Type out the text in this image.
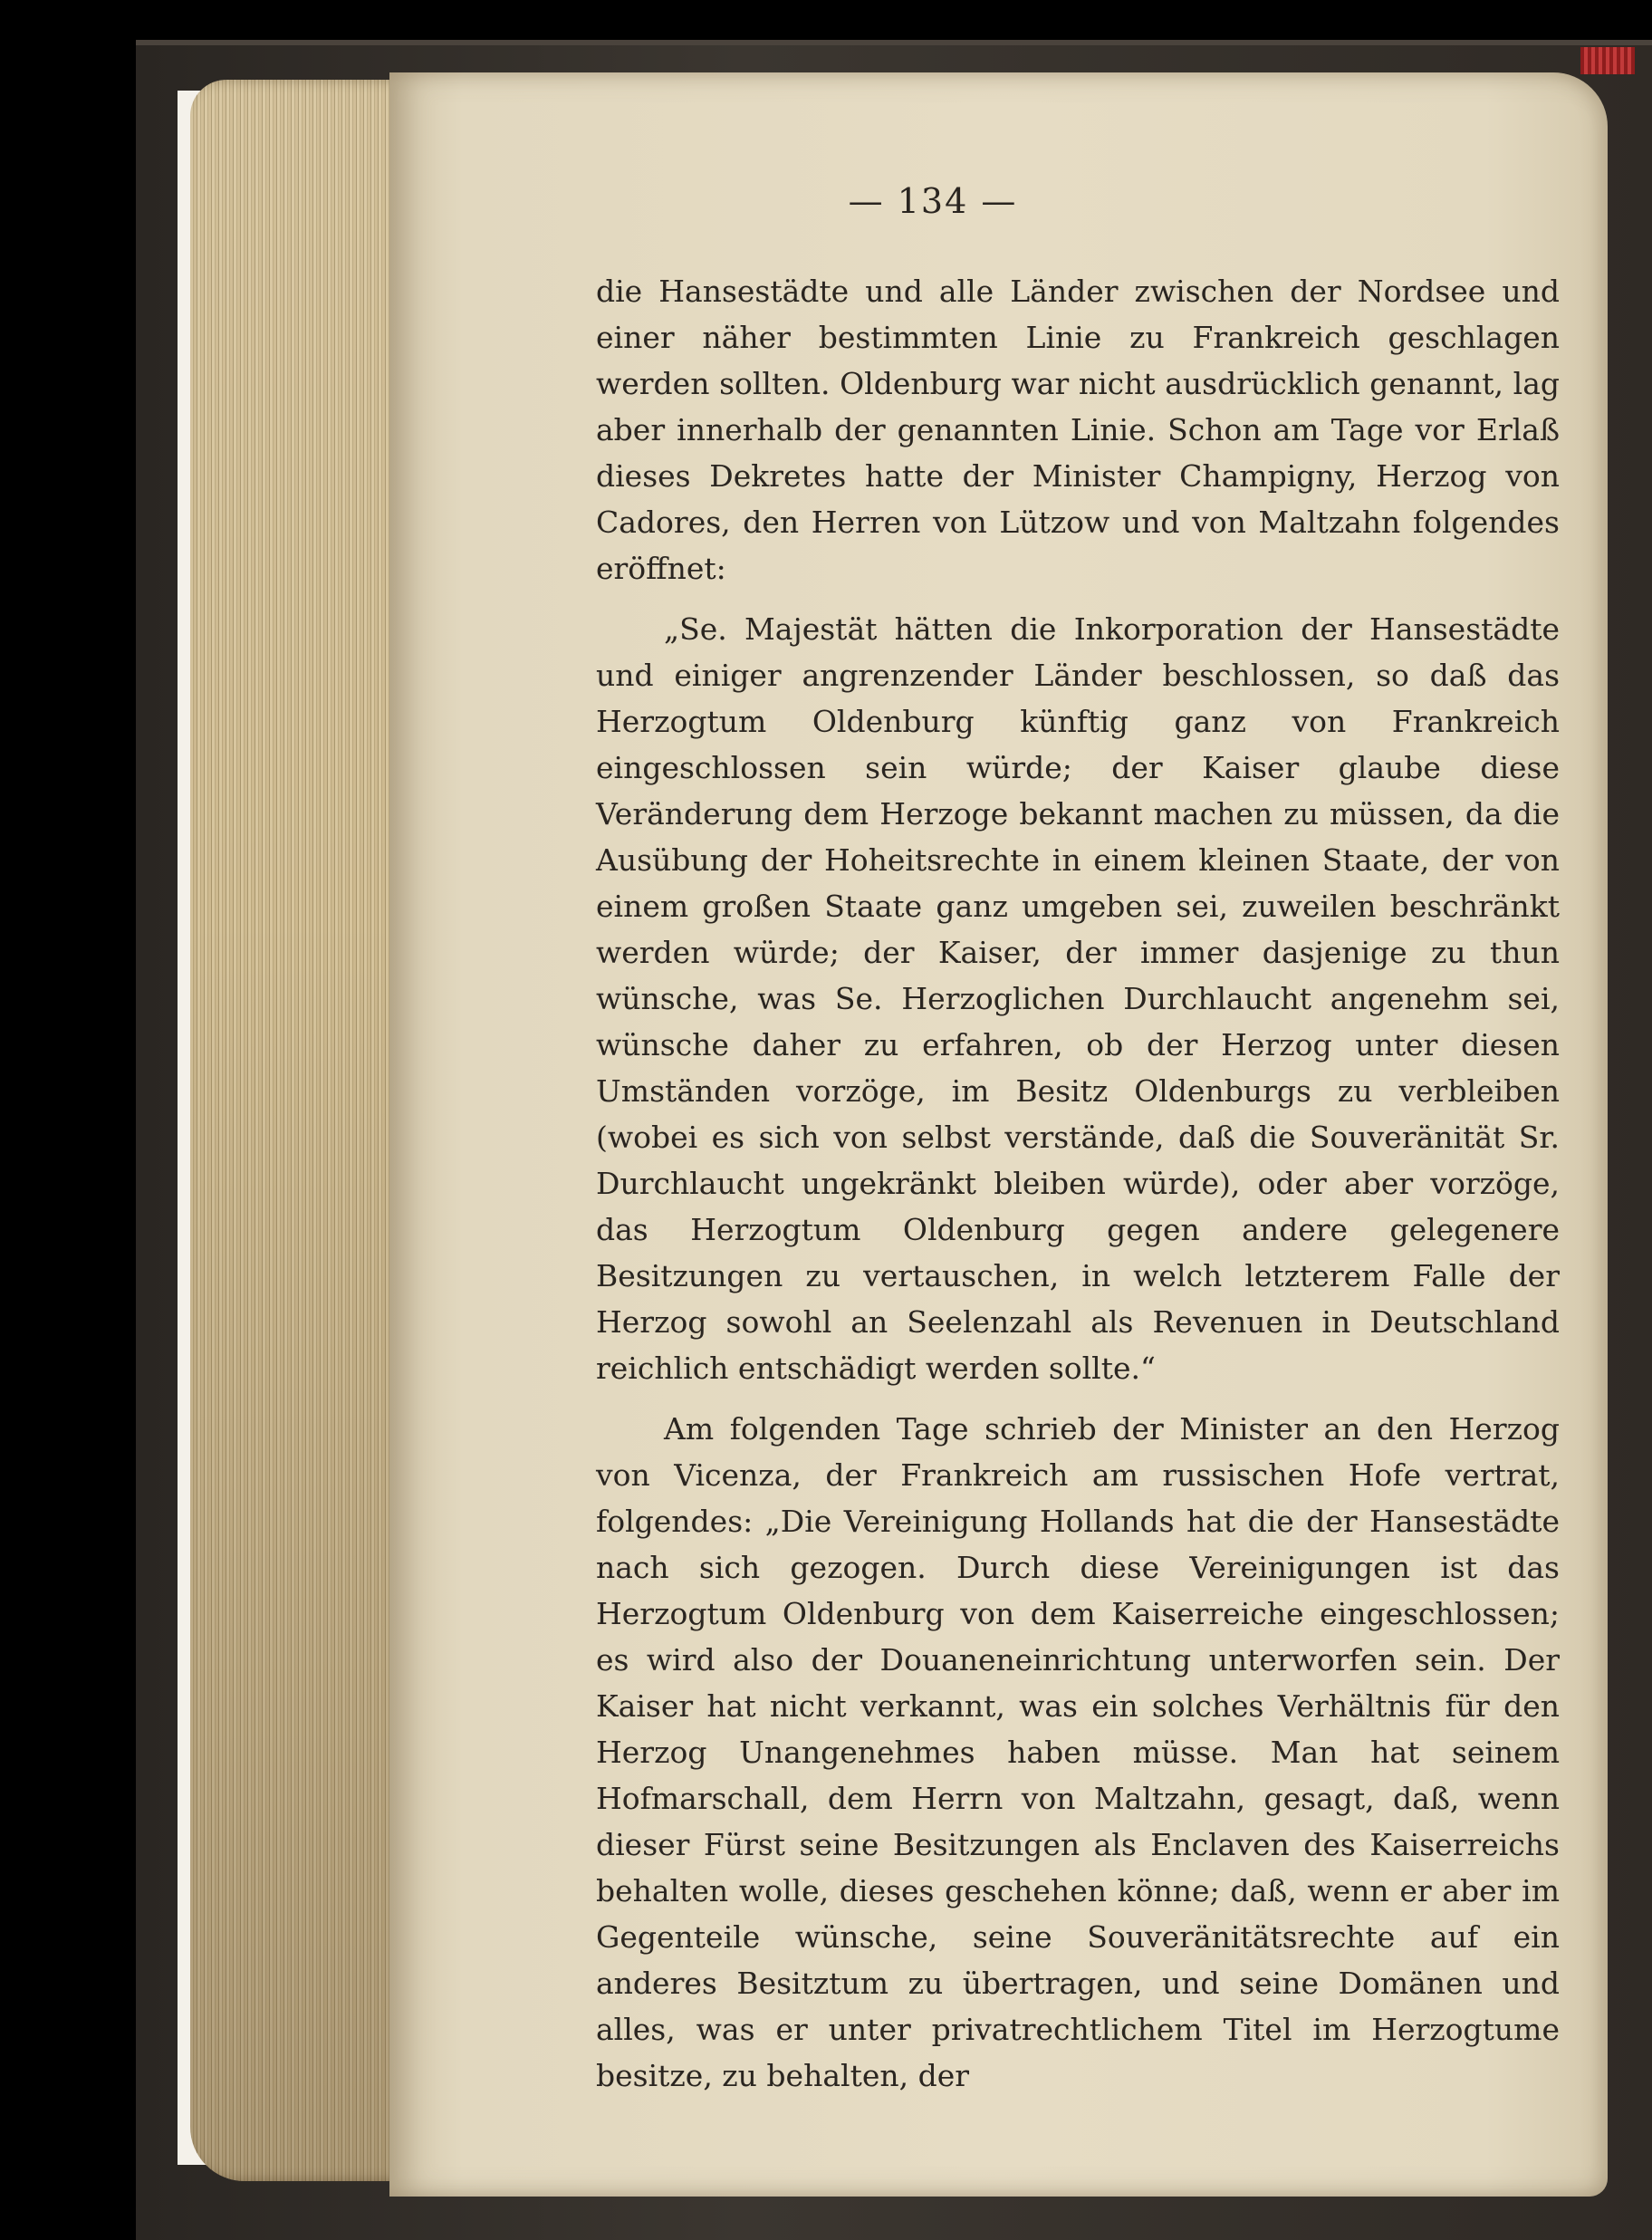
— 134 —

die Hansestädte und alle Länder zwischen der Nordsee und einer näher bestimmten Linie zu Frankreich geschlagen werden sollten. Oldenburg war nicht ausdrücklich genannt, lag aber innerhalb der genannten Linie. Schon am Tage vor Erlaß dieses Dekretes hatte der Minister Champigny, Herzog von Cadores, den Herren von Lützow und von Maltzahn folgendes eröffnet:

„Se. Majestät hätten die Inkorporation der Hansestädte und einiger angrenzender Länder beschlossen, so daß das Herzogtum Oldenburg künftig ganz von Frankreich eingeschlossen sein würde; der Kaiser glaube diese Veränderung dem Herzoge bekannt machen zu müssen, da die Ausübung der Hoheitsrechte in einem kleinen Staate, der von einem großen Staate ganz umgeben sei, zuweilen beschränkt werden würde; der Kaiser, der immer dasjenige zu thun wünsche, was Se. Herzoglichen Durchlaucht angenehm sei, wünsche daher zu erfahren, ob der Herzog unter diesen Umständen vorzöge, im Besitz Oldenburgs zu verbleiben (wobei es sich von selbst verstände, daß die Souveränität Sr. Durchlaucht ungekränkt bleiben würde), oder aber vorzöge, das Herzogtum Oldenburg gegen andere gelegenere Besitzungen zu vertauschen, in welch letzterem Falle der Herzog sowohl an Seelenzahl als Revenuen in Deutschland reichlich entschädigt werden sollte.“

Am folgenden Tage schrieb der Minister an den Herzog von Vicenza, der Frankreich am russischen Hofe vertrat, folgendes: „Die Vereinigung Hollands hat die der Hansestädte nach sich gezogen. Durch diese Vereinigungen ist das Herzogtum Oldenburg von dem Kaiserreiche eingeschlossen; es wird also der Douaneneinrichtung unterworfen sein. Der Kaiser hat nicht verkannt, was ein solches Verhältnis für den Herzog Unangenehmes haben müsse. Man hat seinem Hofmarschall, dem Herrn von Maltzahn, gesagt, daß, wenn dieser Fürst seine Besitzungen als Enclaven des Kaiserreichs behalten wolle, dieses geschehen könne; daß, wenn er aber im Gegenteile wünsche, seine Souveränitätsrechte auf ein anderes Besitztum zu übertragen, und seine Domänen und alles, was er unter privatrechtlichem Titel im Herzogtume besitze, zu behalten, der
